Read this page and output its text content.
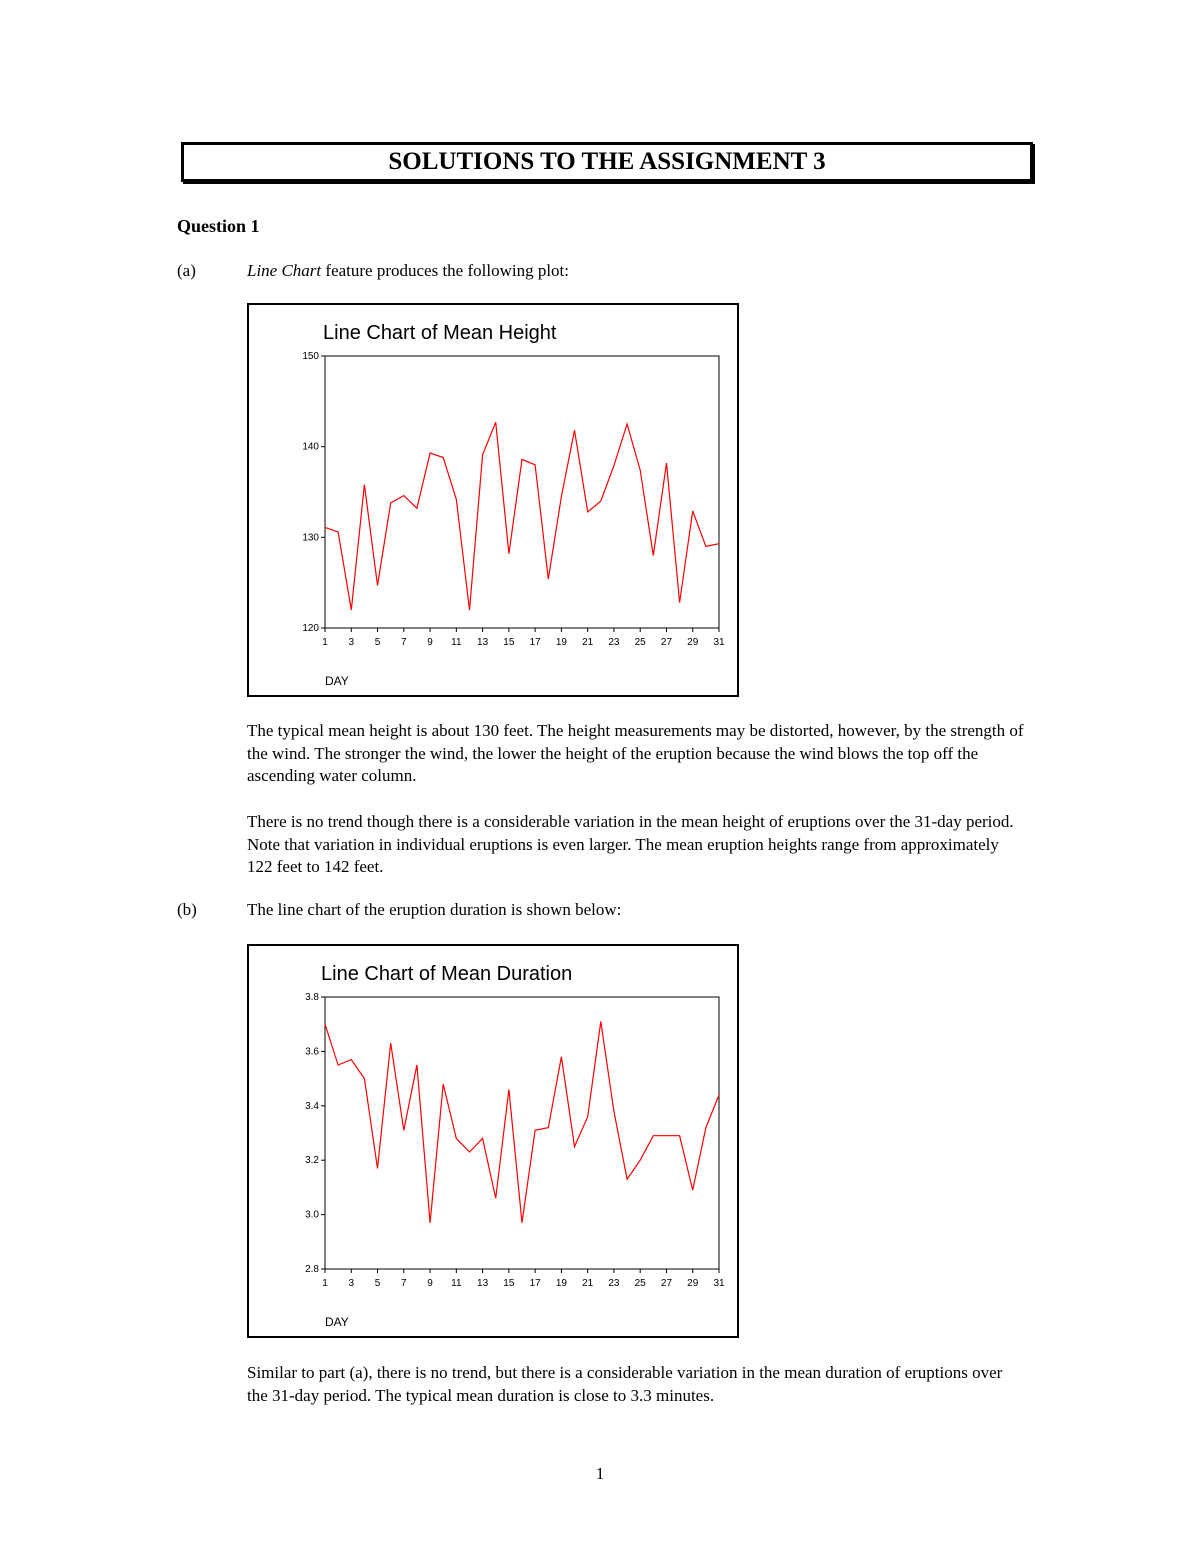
SOLUTIONS TO THE ASSIGNMENT 3
Question 1
(a)	Line Chart feature produces the following plot:
Line Chart of Mean Height
120
130
140
150
1 3 5 7 9 11 13 15 17 19 21 23 25 27 29 31
DAY
The typical mean height is about 130 feet. The height measurements may be distorted, however, by the strength of the wind. The stronger the wind, the lower the height of the eruption because the wind blows the top off the ascending water column.
There is no trend though there is a considerable variation in the mean height of eruptions over the 31-day period. Note that variation in individual eruptions is even larger. The mean eruption heights range from approximately 122 feet to 142 feet.
(b)	The line chart of the eruption duration is shown below:
Line Chart of Mean Duration
2.8
3.0
3.2
3.4
3.6
3.8
1 3 5 7 9 11 13 15 17 19 21 23 25 27 29 31
DAY
Similar to part (a), there is no trend, but there is a considerable variation in the mean duration of eruptions over the 31-day period. The typical mean duration is close to 3.3 minutes.
1
